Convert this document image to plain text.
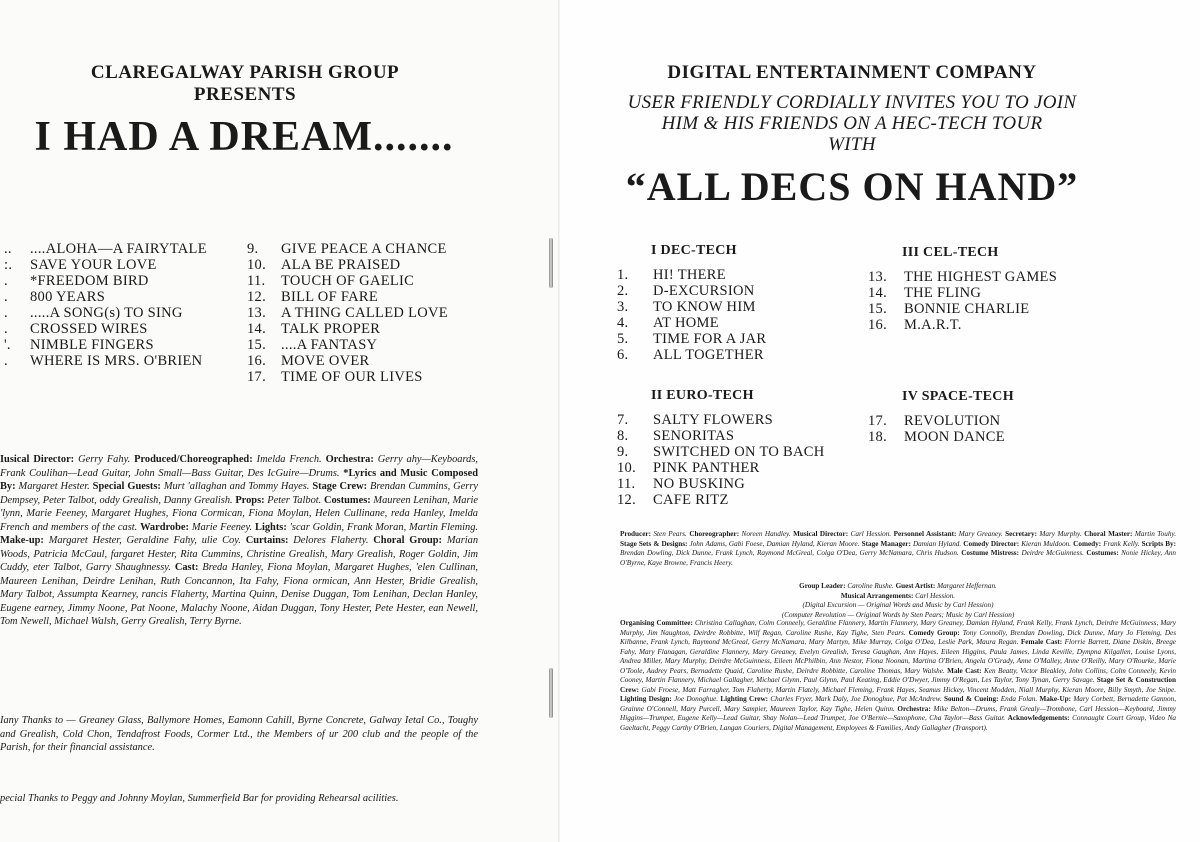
CLAREGALWAY PARISH GROUP
PRESENTS
I HAD A DREAM.......
.. ....ALOHA—A FAIRYTALE
:. SAVE YOUR LOVE
. *FREEDOM BIRD
. 800 YEARS
. .....A SONG(s) TO SING
. CROSSED WIRES
'. NIMBLE FINGERS
. WHERE IS MRS. O'BRIEN
9. GIVE PEACE A CHANCE
10. ALA BE PRAISED
11. TOUCH OF GAELIC
12. BILL OF FARE
13. A THING CALLED LOVE
14. TALK PROPER
15. ....A FANTASY
16. MOVE OVER
17. TIME OF OUR LIVES

Iusical Director: Gerry Fahy. Produced/Choreographed: Imelda French. Orchestra: Gerry ahy—Keyboards, Frank Coulihan—Lead Guitar, John Small—Bass Guitar, Des IcGuire—Drums. *Lyrics and Music Composed By: Margaret Hester. Special Guests: Murt 'allaghan and Tommy Hayes. Stage Crew: Brendan Cummins, Gerry Dempsey, Peter Talbot, oddy Grealish, Danny Grealish. Props: Peter Talbot. Costumes: Maureen Lenihan, Marie 'lynn, Marie Feeney, Margaret Hughes, Fiona Cormican, Fiona Moylan, Helen Cullinane, reda Hanley, Imelda French and members of the cast. Wardrobe: Marie Feeney. Lights: 'scar Goldin, Frank Moran, Martin Fleming. Make-up: Margaret Hester, Geraldine Fahy, ulie Coy. Curtains: Delores Flaherty. Choral Group: Marian Woods, Patricia McCaul, fargaret Hester, Rita Cummins, Christine Grealish, Mary Grealish, Roger Goldin, Jim Cuddy, eter Talbot, Garry Shaughnessy. Cast: Breda Hanley, Fiona Moylan, Margaret Hughes, 'elen Cullinan, Maureen Lenihan, Deirdre Lenihan, Ruth Concannon, Ita Fahy, Fiona ormican, Ann Hester, Bridie Grealish, Mary Talbot, Assumpta Kearney, rancis Flaherty, Martina Quinn, Denise Duggan, Tom Lenihan, Declan Hanley, Eugene earney, Jimmy Noone, Pat Noone, Malachy Noone, Aidan Duggan, Tony Hester, Pete Hester, ean Newell, Tom Newell, Michael Walsh, Gerry Grealish, Terry Byrne.

Iany Thanks to — Greaney Glass, Ballymore Homes, Eamonn Cahill, Byrne Concrete, Galway Ietal Co., Toughy and Grealish, Cold Chon, Tendafrost Foods, Cormer Ltd., the Members of ur 200 club and the people of the Parish, for their financial assistance.

pecial Thanks to Peggy and Johnny Moylan, Summerfield Bar for providing Rehearsal acilities.

DIGITAL ENTERTAINMENT COMPANY
USER FRIENDLY CORDIALLY INVITES YOU TO JOIN
HIM & HIS FRIENDS ON A HEC-TECH TOUR
WITH
“ALL DECS ON HAND”
I DEC-TECH
1. HI! THERE
2. D-EXCURSION
3. TO KNOW HIM
4. AT HOME
5. TIME FOR A JAR
6. ALL TOGETHER
II EURO-TECH
7. SALTY FLOWERS
8. SENORITAS
9. SWITCHED ON TO BACH
10. PINK PANTHER
11. NO BUSKING
12. CAFE RITZ
III CEL-TECH
13. THE HIGHEST GAMES
14. THE FLING
15. BONNIE CHARLIE
16. M.A.R.T.
IV SPACE-TECH
17. REVOLUTION
18. MOON DANCE

Producer: Sten Pears. Choreographer: Noreen Handley. Musical Director: Carl Hession. Personnel Assistant: Mary Greaney. Secretary: Mary Murphy. Choral Master: Martin Touhy. Stage Sets & Designs: John Adams, Gabi Foese, Damian Hyland, Kieran Moore. Stage Manager: Damian Hyland. Comedy Director: Kieran Muldoon. Comedy: Frank Kelly. Scripts By: Brendan Dowling, Dick Dunne, Frank Lynch, Raymond McGreal, Colga O'Dea, Gerry McNamara, Chris Hudson. Costume Mistress: Deirdre McGuinness. Costumes: Nonie Hickey, Ann O'Byrne, Kaye Browne, Francis Heery.

Group Leader: Caroline Rushe. Guest Artist: Margaret Heffernan.
Musical Arrangements: Carl Hession.
(Digital Excursion — Original Words and Music by Carl Hession)
(Computer Revolution — Original Words by Sten Pears; Music by Carl Hession)

Organising Committee: Christina Callaghan, Colm Conneely, Geraldine Flannery, Martin Flannery, Mary Greaney, Damian Hyland, Frank Kelly, Frank Lynch, Deirdre McGuinness, Mary Murphy, Jim Naughton, Deirdre Robbitte, Wilf Regan, Caroline Rushe, Kay Tighe, Sten Pears. Comedy Group: Tony Connolly, Brendan Dowling, Dick Dunne, Mary Jo Fleming, Des Kilbanne, Frank Lynch, Raymond McGreal, Gerry McNamara, Mary Martyn, Mike Murray, Colga O'Dea, Leslie Park, Maura Regan. Female Cast: Florrie Barrett, Diane Diskin, Breege Fahy, Mary Flanagan, Geraldine Flannery, Mary Greaney, Evelyn Grealish, Teresa Gaughan, Ann Hayes, Eileen Higgins, Paula James, Linda Keville, Dympna Kilgallen, Louise Lyons, Andrea Miller, Mary Murphy, Deirdre McGuinness, Eileen McPhilbin, Ann Nestor, Fiona Noonan, Martina O'Brien, Angela O'Grady, Anne O'Malley, Anne O'Reilly, Mary O'Rourke, Marie O'Toole, Audrey Pears, Bernadette Quaid, Caroline Rushe, Deirdre Robbitte, Caroline Thomas, Mary Walshe. Male Cast: Ken Beatty, Victor Bleakley, John Collins, Colm Conneely, Kevin Cooney, Martin Flannery, Michael Gallagher, Michael Glynn, Paul Glynn, Paul Keating, Eddie O'Dwyer, Jimmy O'Regan, Les Taylor, Tony Tynan, Gerry Savage. Stage Set & Construction Crew: Gabi Froese, Matt Farragher, Tom Flaherty, Martin Flately, Michael Fleming, Frank Hayes, Seamus Hickey, Vincent Modden, Niall Murphy, Kieran Moore, Billy Smyth, Joe Snipe. Lighting Design: Joe Donoghue. Lighting Crew: Charles Fryer, Mark Daly, Joe Donoghue, Pat McAndrew. Sound & Cueing: Enda Folan. Make-Up: Mary Corbett, Bernadette Gannon, Grainne O'Connell, Mary Purcell, Mary Sampier, Maureen Taylor, Kay Tighe, Helen Quinn. Orchestra: Mike Belton—Drums, Frank Grealy—Trombone, Carl Hession—Keyboard, Jimmy Higgins—Trumpet, Eugene Kelly—Lead Guitar, Shay Nolan—Lead Trumpet, Joe O'Bernie—Saxophone, Cha Taylor—Bass Guitar. Acknowledgements: Connaught Court Group, Video Na Gaeltacht, Peggy Carthy O'Brien, Langan Couriers, Digital Management, Employees & Families, Andy Gallagher (Transport).
